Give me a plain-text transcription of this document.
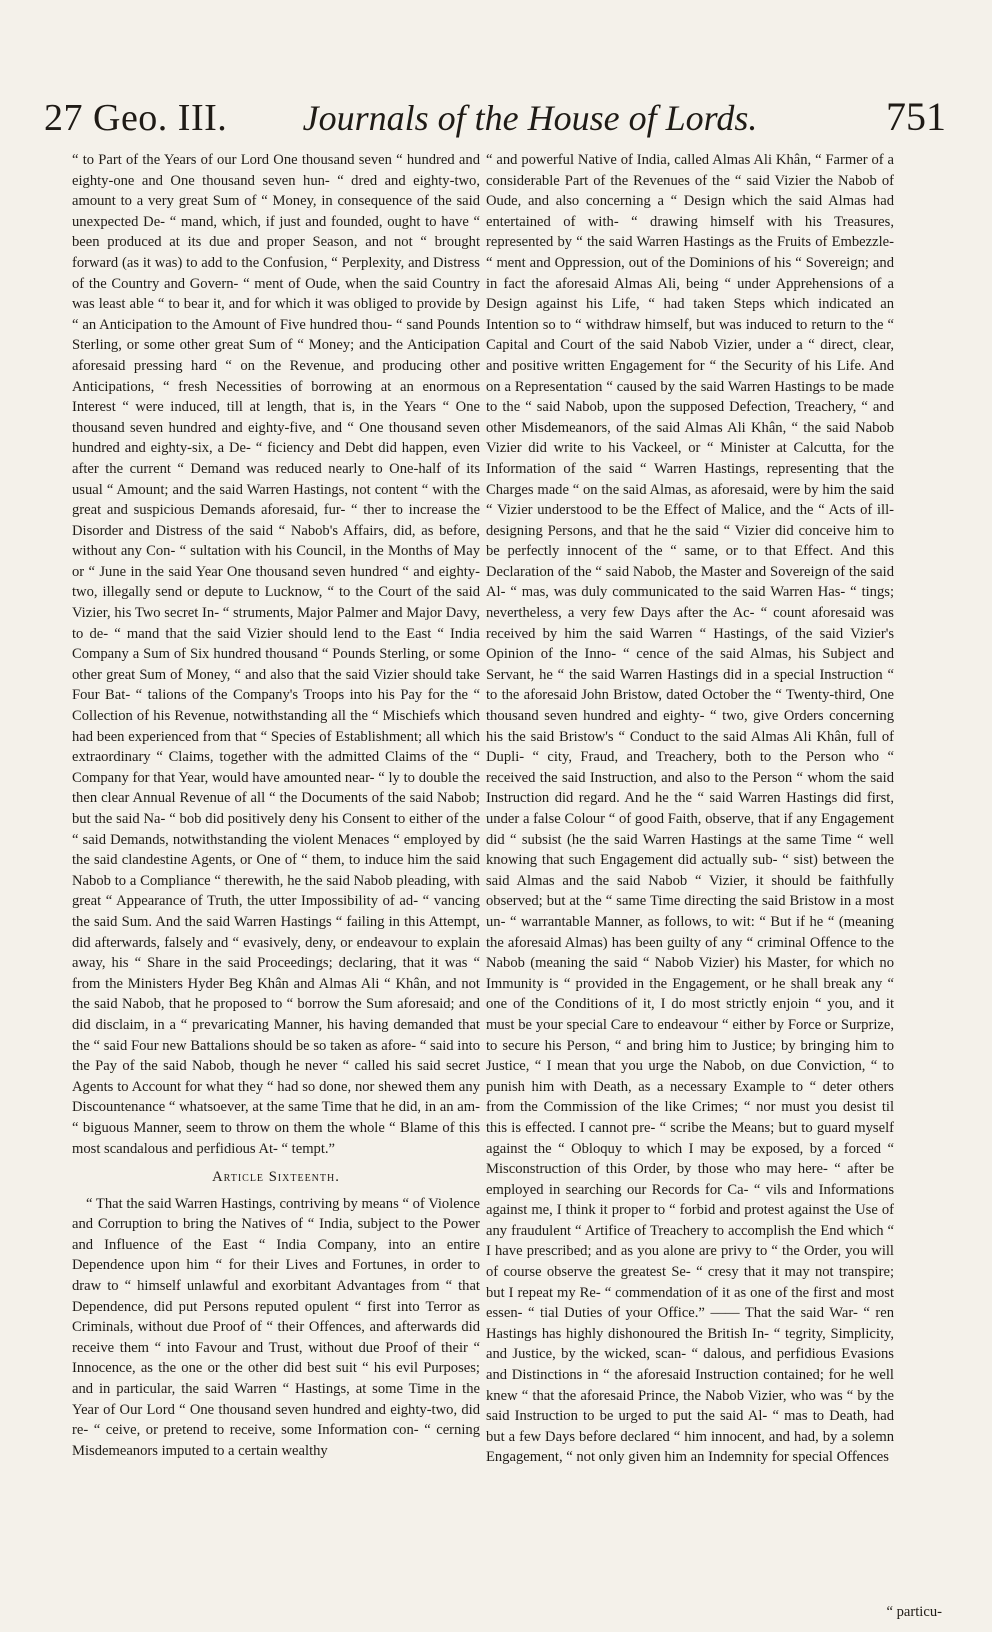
27 Geo. III. Journals of the House of Lords.	751

“ to Part of the Years of our Lord One thousand seven “ hundred and eighty-one and One thousand seven hun- “ dred and eighty-two, amount to a very great Sum of “ Money, in consequence of the said unexpected De- “ mand, which, if just and founded, ought to have “ been produced at its due and proper Season, and not “ brought forward (as it was) to add to the Confusion, “ Perplexity, and Distress of the Country and Govern- “ ment of Oude, when the said Country was least able “ to bear it, and for which it was obliged to provide by “ an Anticipation to the Amount of Five hundred thou- “ sand Pounds Sterling, or some other great Sum of “ Money; and the Anticipation aforesaid pressing hard “ on the Revenue, and producing other Anticipations, “ fresh Necessities of borrowing at an enormous Interest “ were induced, till at length, that is, in the Years “ One thousand seven hundred and eighty-five, and “ One thousand seven hundred and eighty-six, a De- “ ficiency and Debt did happen, even after the current “ Demand was reduced nearly to One-half of its usual “ Amount; and the said Warren Hastings, not content “ with the great and suspicious Demands aforesaid, fur- “ ther to increase the Disorder and Distress of the said “ Nabob's Affairs, did, as before, without any Con- “ sultation with his Council, in the Months of May or “ June in the said Year One thousand seven hundred “ and eighty-two, illegally send or depute to Lucknow, “ to the Court of the said Vizier, his Two secret In- “ struments, Major Palmer and Major Davy, to de- “ mand that the said Vizier should lend to the East “ India Company a Sum of Six hundred thousand “ Pounds Sterling, or some other great Sum of Money, “ and also that the said Vizier should take Four Bat- “ talions of the Company's Troops into his Pay for the “ Collection of his Revenue, notwithstanding all the “ Mischiefs which had been experienced from that “ Species of Establishment; all which extraordinary “ Claims, together with the admitted Claims of the “ Company for that Year, would have amounted near- “ ly to double the then clear Annual Revenue of all “ the Documents of the said Nabob; but the said Na- “ bob did positively deny his Consent to either of the “ said Demands, notwithstanding the violent Menaces “ employed by the said clandestine Agents, or One of “ them, to induce him the said Nabob to a Compliance “ therewith, he the said Nabob pleading, with great “ Appearance of Truth, the utter Impossibility of ad- “ vancing the said Sum. And the said Warren Hastings “ failing in this Attempt, did afterwards, falsely and “ evasively, deny, or endeavour to explain away, his “ Share in the said Proceedings; declaring, that it was “ from the Ministers Hyder Beg Khân and Almas Ali “ Khân, and not the said Nabob, that he proposed to “ borrow the Sum aforesaid; and did disclaim, in a “ prevaricating Manner, his having demanded that the “ said Four new Battalions should be so taken as afore- “ said into the Pay of the said Nabob, though he never “ called his said secret Agents to Account for what they “ had so done, nor shewed them any Discountenance “ whatsoever, at the same Time that he did, in an am- “ biguous Manner, seem to throw on them the whole “ Blame of this most scandalous and perfidious At- “ tempt.”

Article Sixteenth.

“ That the said Warren Hastings, contriving by means “ of Violence and Corruption to bring the Natives of “ India, subject to the Power and Influence of the East “ India Company, into an entire Dependence upon him “ for their Lives and Fortunes, in order to draw to “ himself unlawful and exorbitant Advantages from “ that Dependence, did put Persons reputed opulent “ first into Terror as Criminals, without due Proof of “ their Offences, and afterwards did receive them “ into Favour and Trust, without due Proof of their “ Innocence, as the one or the other did best suit “ his evil Purposes; and in particular, the said Warren “ Hastings, at some Time in the Year of Our Lord “ One thousand seven hundred and eighty-two, did re- “ ceive, or pretend to receive, some Information con- “ cerning Misdemeanors imputed to a certain wealthy

“ and powerful Native of India, called Almas Ali Khân, “ Farmer of a considerable Part of the Revenues of the “ said Vizier the Nabob of Oude, and also concerning a “ Design which the said Almas had entertained of with- “ drawing himself with his Treasures, represented by “ the said Warren Hastings as the Fruits of Embezzle- “ ment and Oppression, out of the Dominions of his “ Sovereign; and in fact the aforesaid Almas Ali, being “ under Apprehensions of a Design against his Life, “ had taken Steps which indicated an Intention so to “ withdraw himself, but was induced to return to the “ Capital and Court of the said Nabob Vizier, under a “ direct, clear, and positive written Engagement for “ the Security of his Life. And on a Representation “ caused by the said Warren Hastings to be made to the “ said Nabob, upon the supposed Defection, Treachery, “ and other Misdemeanors, of the said Almas Ali Khân, “ the said Nabob Vizier did write to his Vackeel, or “ Minister at Calcutta, for the Information of the said “ Warren Hastings, representing that the Charges made “ on the said Almas, as aforesaid, were by him the said “ Vizier understood to be the Effect of Malice, and the “ Acts of ill-designing Persons, and that he the said “ Vizier did conceive him to be perfectly innocent of the “ same, or to that Effect. And this Declaration of the “ said Nabob, the Master and Sovereign of the said Al- “ mas, was duly communicated to the said Warren Has- “ tings; nevertheless, a very few Days after the Ac- “ count aforesaid was received by him the said Warren “ Hastings, of the said Vizier's Opinion of the Inno- “ cence of the said Almas, his Subject and Servant, he “ the said Warren Hastings did in a special Instruction “ to the aforesaid John Bristow, dated October the “ Twenty-third, One thousand seven hundred and eighty- “ two, give Orders concerning his the said Bristow's “ Conduct to the said Almas Ali Khân, full of Dupli- “ city, Fraud, and Treachery, both to the Person who “ received the said Instruction, and also to the Person “ whom the said Instruction did regard. And he the “ said Warren Hastings did first, under a false Colour “ of good Faith, observe, that if any Engagement did “ subsist (he the said Warren Hastings at the same Time “ well knowing that such Engagement did actually sub- “ sist) between the said Almas and the said Nabob “ Vizier, it should be faithfully observed; but at the “ same Time directing the said Bristow in a most un- “ warrantable Manner, as follows, to wit: “ But if he “ (meaning the aforesaid Almas) has been guilty of any “ criminal Offence to the Nabob (meaning the said “ Nabob Vizier) his Master, for which no Immunity is “ provided in the Engagement, or he shall break any “ one of the Conditions of it, I do most strictly enjoin “ you, and it must be your special Care to endeavour “ either by Force or Surprize, to secure his Person, “ and bring him to Justice; by bringing him to Justice, “ I mean that you urge the Nabob, on due Conviction, “ to punish him with Death, as a necessary Example to “ deter others from the Commission of the like Crimes; “ nor must you desist til this is effected. I cannot pre- “ scribe the Means; but to guard myself against the “ Obloquy to which I may be exposed, by a forced “ Misconstruction of this Order, by those who may here- “ after be employed in searching our Records for Ca- “ vils and Informations against me, I think it proper to “ forbid and protest against the Use of any fraudulent “ Artifice of Treachery to accomplish the End which “ I have prescribed; and as you alone are privy to “ the Order, you will of course observe the greatest Se- “ cresy that it may not transpire; but I repeat my Re- “ commendation of it as one of the first and most essen- “ tial Duties of your Office.” —— That the said War- “ ren Hastings has highly dishonoured the British In- “ tegrity, Simplicity, and Justice, by the wicked, scan- “ dalous, and perfidious Evasions and Distinctions in “ the aforesaid Instruction contained; for he well knew “ that the aforesaid Prince, the Nabob Vizier, who was “ by the said Instruction to be urged to put the said Al- “ mas to Death, had but a few Days before declared “ him innocent, and had, by a solemn Engagement, “ not only given him an Indemnity for special Offences

“ particu-
